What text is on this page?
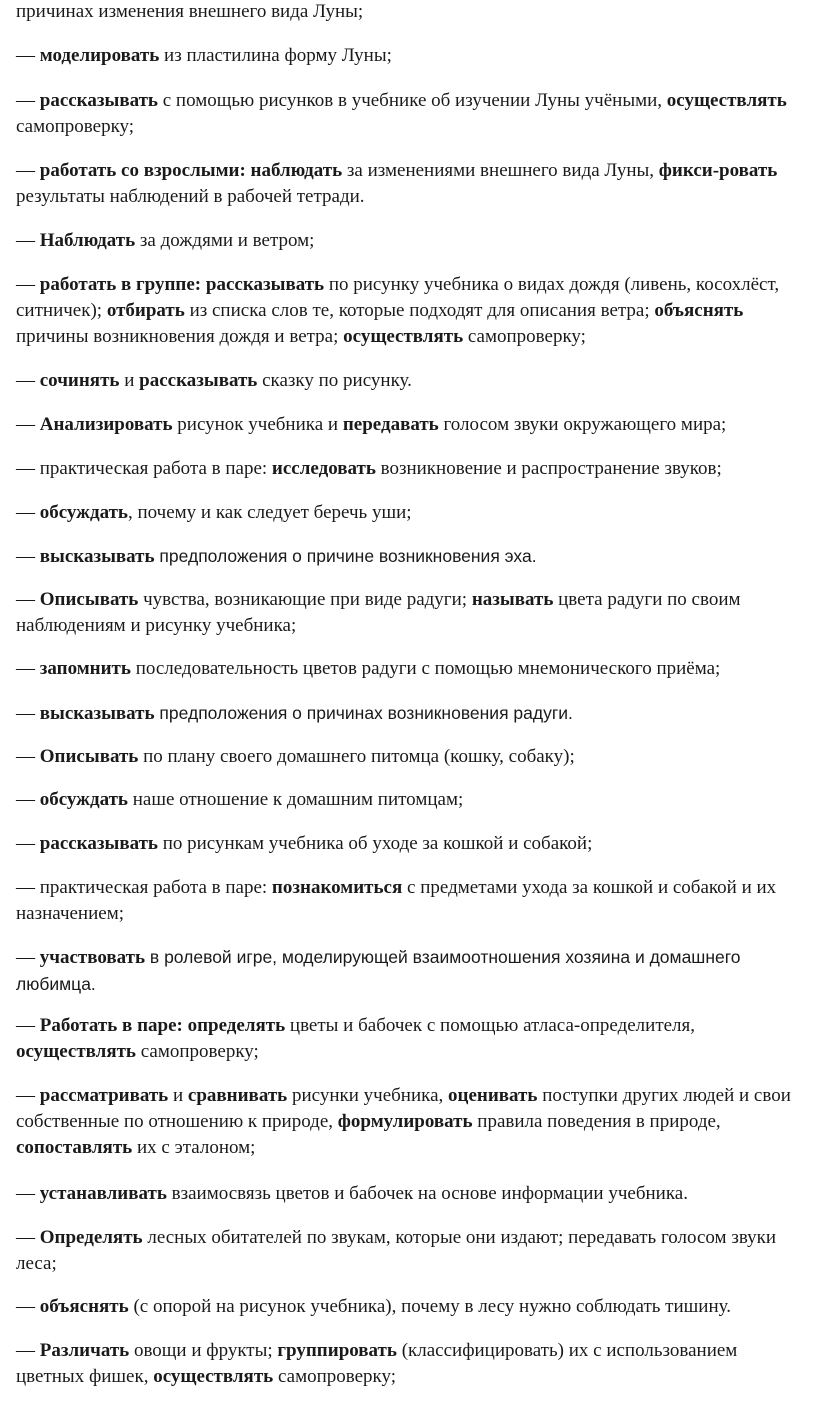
причинах изменения внешнего вида Луны;

— моделировать из пластилина форму Луны;

— рассказывать с помощью рисунков в учебнике об изучении Луны учёными, осуществлять самопроверку;

— работать со взрослыми: наблюдать за изменениями внешнего вида Луны, фикси-ровать результаты наблюдений в рабочей тетради.

— Наблюдать за дождями и ветром;

— работать в группе: рассказывать по рисунку учебника о видах дождя (ливень, косохлёст, ситничек); отбирать из списка слов те, которые подходят для описания ветра; объяснять причины возникновения дождя и ветра; осуществлять самопроверку;

— сочинять и рассказывать сказку по рисунку.

— Анализировать рисунок учебника и передавать голосом звуки окружающего мира;

— практическая работа в паре: исследовать возникновение и распространение звуков;

— обсуждать, почему и как следует беречь уши;

— высказывать предположения о причине возникновения эха.

— Описывать чувства, возникающие при виде радуги; называть цвета радуги по своим наблюдениям и рисунку учебника;

— запомнить последовательность цветов радуги с помощью мнемонического приёма;

— высказывать предположения о причинах возникновения радуги.

— Описывать по плану своего домашнего питомца (кошку, собаку);

— обсуждать наше отношение к домашним питомцам;

— рассказывать по рисункам учебника об уходе за кошкой и собакой;

— практическая работа в паре: познакомиться с предметами ухода за кошкой и собакой и их назначением;

— участвовать в ролевой игре, моделирующей взаимоотношения хозяина и домашнего любимца.

— Работать в паре: определять цветы и бабочек с помощью атласа-определителя, осуществлять самопроверку;

— рассматривать и сравнивать рисунки учебника, оценивать поступки других людей и свои собственные по отношению к природе, формулировать правила поведения в природе, сопоставлять их с эталоном;

— устанавливать взаимосвязь цветов и бабочек на основе информации учебника.

— Определять лесных обитателей по звукам, которые они издают; передавать голосом звуки леса;

— объяснять (с опорой на рисунок учебника), почему в лесу нужно соблюдать тишину.

— Различать овощи и фрукты; группировать (классифицировать) их с использованием цветных фишек, осуществлять самопроверку;
